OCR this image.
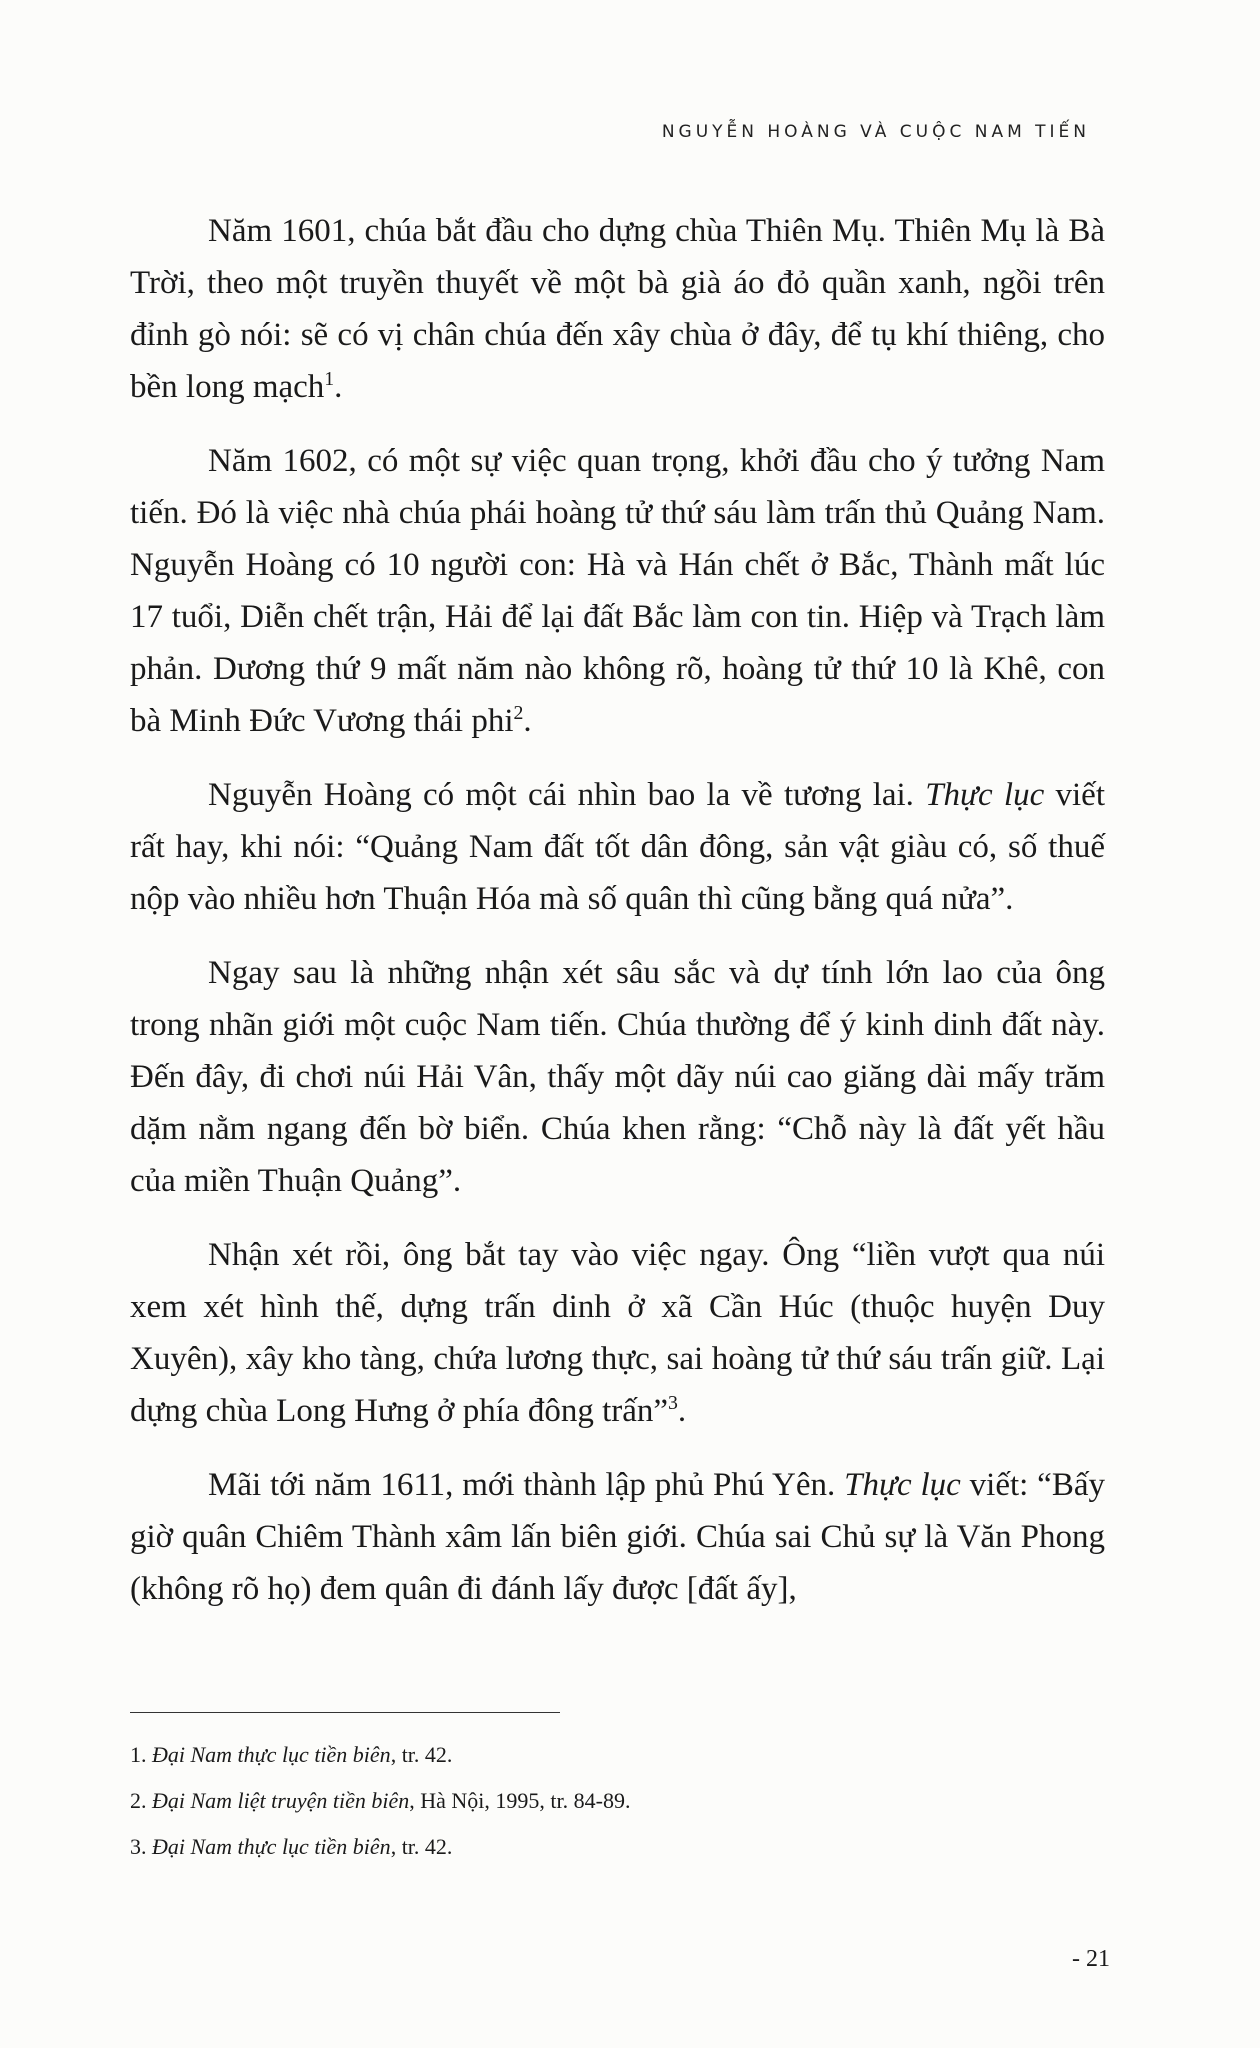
NGUYỄN HOÀNG VÀ CUỘC NAM TIẾN

Năm 1601, chúa bắt đầu cho dựng chùa Thiên Mụ. Thiên Mụ là Bà Trời, theo một truyền thuyết về một bà già áo đỏ quần xanh, ngồi trên đỉnh gò nói: sẽ có vị chân chúa đến xây chùa ở đây, để tụ khí thiêng, cho bền long mạch$^1$.

Năm 1602, có một sự việc quan trọng, khởi đầu cho ý tưởng Nam tiến. Đó là việc nhà chúa phái hoàng tử thứ sáu làm trấn thủ Quảng Nam. Nguyễn Hoàng có 10 người con: Hà và Hán chết ở Bắc, Thành mất lúc 17 tuổi, Diễn chết trận, Hải để lại đất Bắc làm con tin. Hiệp và Trạch làm phản. Dương thứ 9 mất năm nào không rõ, hoàng tử thứ 10 là Khê, con bà Minh Đức Vương thái phi$^2$.

Nguyễn Hoàng có một cái nhìn bao la về tương lai. Thực lục viết rất hay, khi nói: “Quảng Nam đất tốt dân đông, sản vật giàu có, số thuế nộp vào nhiều hơn Thuận Hóa mà số quân thì cũng bằng quá nửa”.

Ngay sau là những nhận xét sâu sắc và dự tính lớn lao của ông trong nhãn giới một cuộc Nam tiến. Chúa thường để ý kinh dinh đất này. Đến đây, đi chơi núi Hải Vân, thấy một dãy núi cao giăng dài mấy trăm dặm nằm ngang đến bờ biển. Chúa khen rằng: “Chỗ này là đất yết hầu của miền Thuận Quảng”.

Nhận xét rồi, ông bắt tay vào việc ngay. Ông “liền vượt qua núi xem xét hình thế, dựng trấn dinh ở xã Cần Húc (thuộc huyện Duy Xuyên), xây kho tàng, chứa lương thực, sai hoàng tử thứ sáu trấn giữ. Lại dựng chùa Long Hưng ở phía đông trấn”$^3$.

Mãi tới năm 1611, mới thành lập phủ Phú Yên. Thực lục viết: “Bấy giờ quân Chiêm Thành xâm lấn biên giới. Chúa sai Chủ sự là Văn Phong (không rõ họ) đem quân đi đánh lấy được [đất ấy],

1. Đại Nam thực lục tiền biên, tr. 42.
2. Đại Nam liệt truyện tiền biên, Hà Nội, 1995, tr. 84-89.
3. Đại Nam thực lục tiền biên, tr. 42.
- 21
